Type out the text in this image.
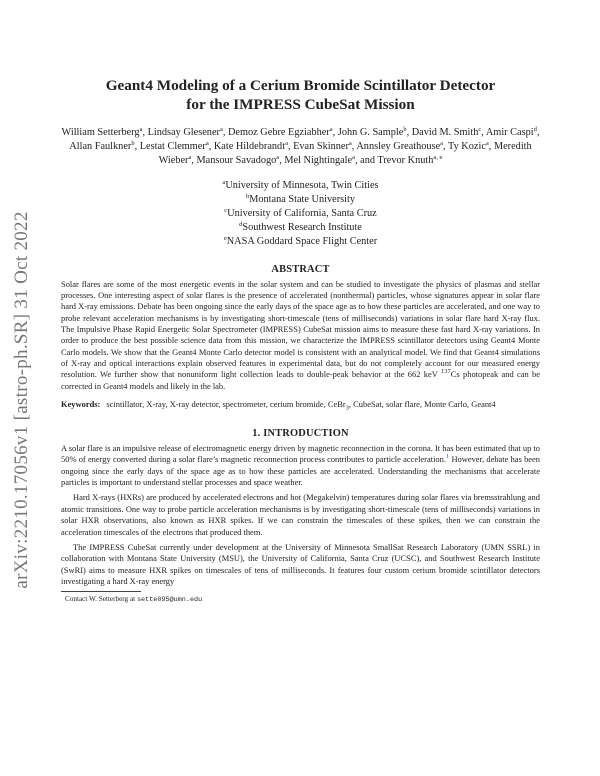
arXiv:2210.17056v1 [astro-ph.SR] 31 Oct 2022
Geant4 Modeling of a Cerium Bromide Scintillator Detector
for the IMPRESS CubeSat Mission
William Setterberg$^a$, Lindsay Glesener$^a$, Demoz Gebre Egziabher$^a$, John G. Sample$^b$, David M. Smith$^c$, Amir Caspi$^d$, Allan Faulkner$^b$, Lestat Clemmer$^a$, Kate Hildebrandt$^a$, Evan Skinner$^a$, Annsley Greathouse$^a$, Ty Kozic$^a$, Meredith Wieber$^a$, Mansour Savadogo$^a$, Mel Nightingale$^a$, and Trevor Knuth$^{a, e}$
$^a$University of Minnesota, Twin Cities
$^b$Montana State University
$^c$University of California, Santa Cruz
$^d$Southwest Research Institute
$^e$NASA Goddard Space Flight Center
ABSTRACT

Solar flares are some of the most energetic events in the solar system and can be studied to investigate the physics of plasmas and stellar processes. One interesting aspect of solar flares is the presence of accelerated (nonthermal) particles, whose signatures appear in solar flare hard X-ray emissions. Debate has been ongoing since the early days of the space age as to how these particles are accelerated, and one way to probe relevant acceleration mechanisms is by investigating short-timescale (tens of milliseconds) variations in solar flare hard X-ray flux. The Impulsive Phase Rapid Energetic Solar Spectrometer (IMPRESS) CubeSat mission aims to measure these fast hard X-ray variations. In order to produce the best possible science data from this mission, we characterize the IMPRESS scintillator detectors using Geant4 Monte Carlo models. We show that the Geant4 Monte Carlo detector model is consistent with an analytical model. We find that Geant4 simulations of X-ray and optical interactions explain observed features in experimental data, but do not completely account for our measured energy resolution. We further show that nonuniform light collection leads to double-peak behavior at the 662 keV $^{137}$Cs photopeak and can be corrected in Geant4 models and likely in the lab.

Keywords: scintillator, X-ray, X-ray detector, spectrometer, cerium bromide, CeBr$_3$, CubeSat, solar flare, Monte Carlo, Geant4
1. INTRODUCTION

A solar flare is an impulsive release of electromagnetic energy driven by magnetic reconnection in the corona. It has been estimated that up to 50% of energy converted during a solar flare’s magnetic reconnection process contributes to particle acceleration.$^1$ However, debate has been ongoing since the early days of the space age as to how these particles are accelerated. Understanding the mechanisms that accelerate particles is important to understand stellar processes and space weather.

Hard X-rays (HXRs) are produced by accelerated electrons and hot (Megakelvin) temperatures during solar flares via bremsstrahlung and atomic transitions. One way to probe particle acceleration mechanisms is by investigating short-timescale (tens of milliseconds) variations in solar HXR observations, also known as HXR spikes. If we can constrain the timescales of these spikes, then we can constrain the acceleration timescales of the electrons that produced them.

The IMPRESS CubeSat currently under development at the University of Minnesota SmallSat Research Laboratory (UMN SSRL) in collaboration with Montana State University (MSU), the University of California, Santa Cruz (UCSC), and Southwest Research Institute (SwRI) aims to measure HXR spikes on timescales of tens of milliseconds. It features four custom cerium bromide scintillator detectors investigating a hard X-ray energy

Contact W. Setterberg at sette095@umn.edu
